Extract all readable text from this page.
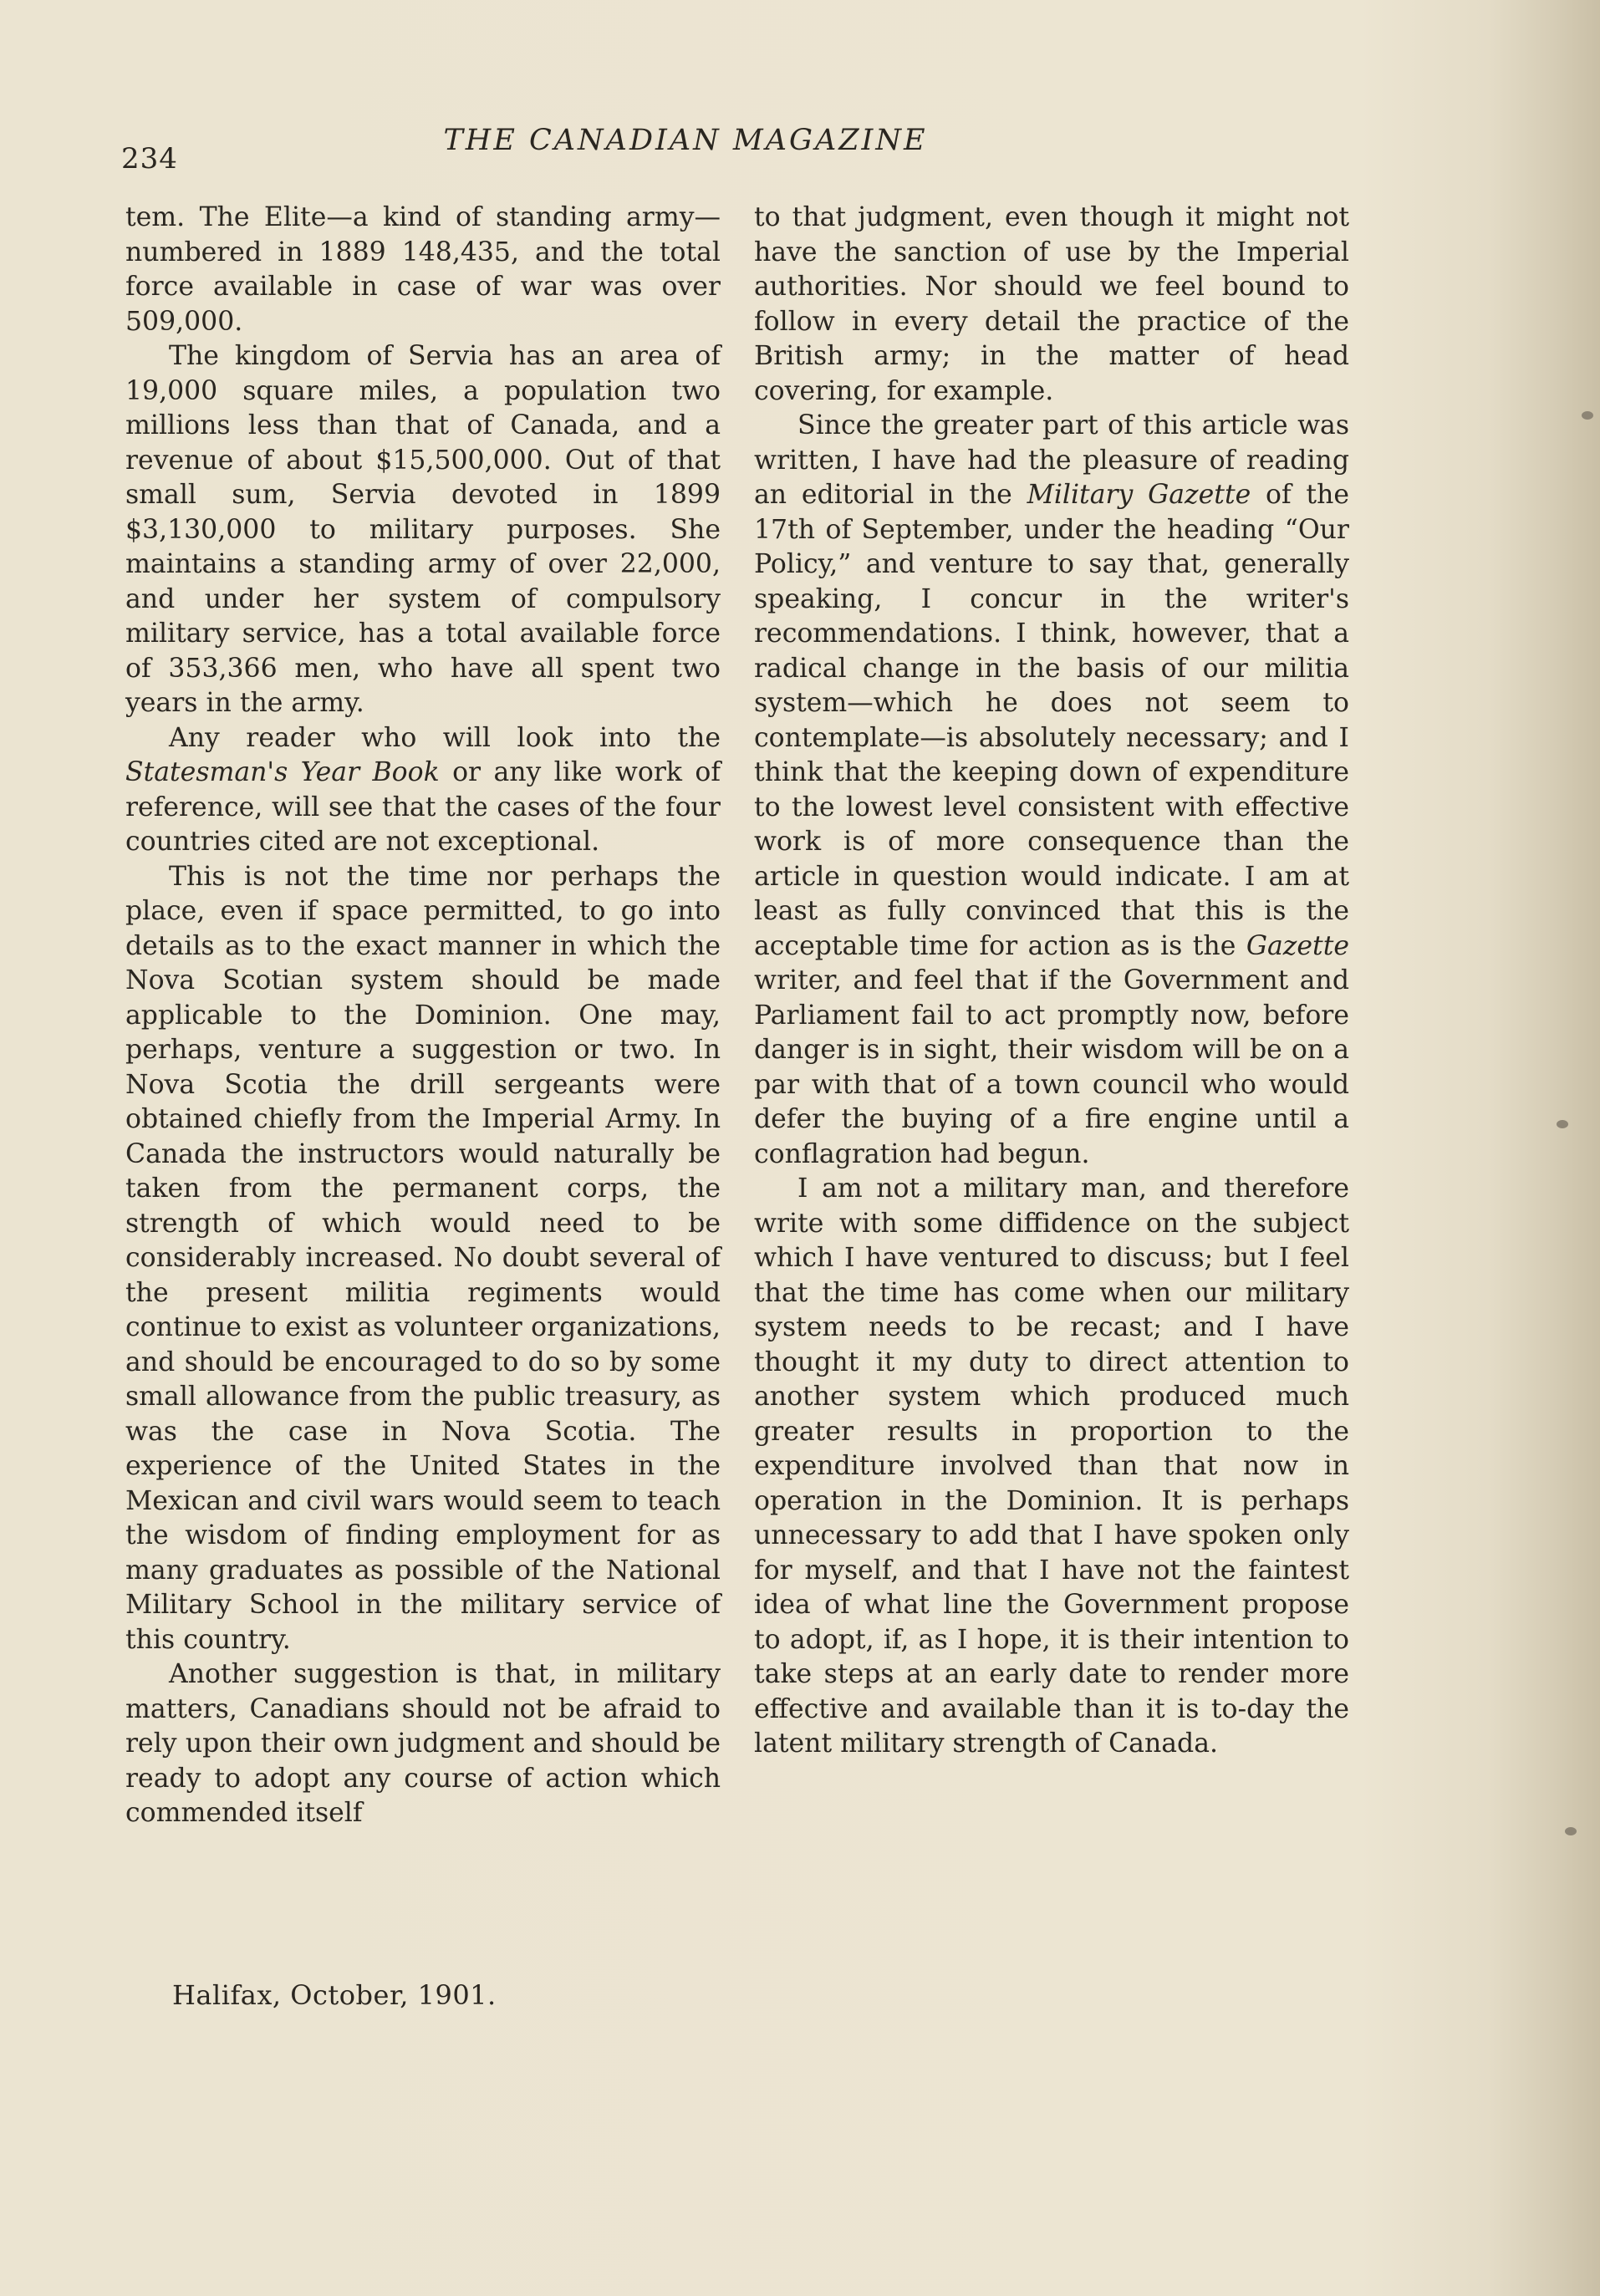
234
THE CANADIAN MAGAZINE

tem. The Elite—a kind of standing army—numbered in 1889 148,435, and the total force available in case of war was over 509,000.

The kingdom of Servia has an area of 19,000 square miles, a population two millions less than that of Canada, and a revenue of about $15,500,000. Out of that small sum, Servia devoted in 1899 $3,130,000 to military purposes. She maintains a standing army of over 22,000, and under her system of compulsory military service, has a total available force of 353,366 men, who have all spent two years in the army.

Any reader who will look into the Statesman's Year Book or any like work of reference, will see that the cases of the four countries cited are not exceptional.

This is not the time nor perhaps the place, even if space permitted, to go into details as to the exact manner in which the Nova Scotian system should be made applicable to the Dominion. One may, perhaps, venture a suggestion or two. In Nova Scotia the drill sergeants were obtained chiefly from the Imperial Army. In Canada the instructors would naturally be taken from the permanent corps, the strength of which would need to be considerably increased. No doubt several of the present militia regiments would continue to exist as volunteer organizations, and should be encouraged to do so by some small allowance from the public treasury, as was the case in Nova Scotia. The experience of the United States in the Mexican and civil wars would seem to teach the wisdom of finding employment for as many graduates as possible of the National Military School in the military service of this country.

Another suggestion is that, in military matters, Canadians should not be afraid to rely upon their own judgment and should be ready to adopt any course of action which commended itself

to that judgment, even though it might not have the sanction of use by the Imperial authorities. Nor should we feel bound to follow in every detail the practice of the British army; in the matter of head covering, for example.

Since the greater part of this article was written, I have had the pleasure of reading an editorial in the Military Gazette of the 17th of September, under the heading “Our Policy,” and venture to say that, generally speaking, I concur in the writer's recommendations. I think, however, that a radical change in the basis of our militia system—which he does not seem to contemplate—is absolutely necessary; and I think that the keeping down of expenditure to the lowest level consistent with effective work is of more consequence than the article in question would indicate. I am at least as fully convinced that this is the acceptable time for action as is the Gazette writer, and feel that if the Government and Parliament fail to act promptly now, before danger is in sight, their wisdom will be on a par with that of a town council who would defer the buying of a fire engine until a conflagration had begun.

I am not a military man, and therefore write with some diffidence on the subject which I have ventured to discuss; but I feel that the time has come when our military system needs to be recast; and I have thought it my duty to direct attention to another system which produced much greater results in proportion to the expenditure involved than that now in operation in the Dominion. It is perhaps unnecessary to add that I have spoken only for myself, and that I have not the faintest idea of what line the Government propose to adopt, if, as I hope, it is their intention to take steps at an early date to render more effective and available than it is to-day the latent military strength of Canada.

Halifax, October, 1901.
